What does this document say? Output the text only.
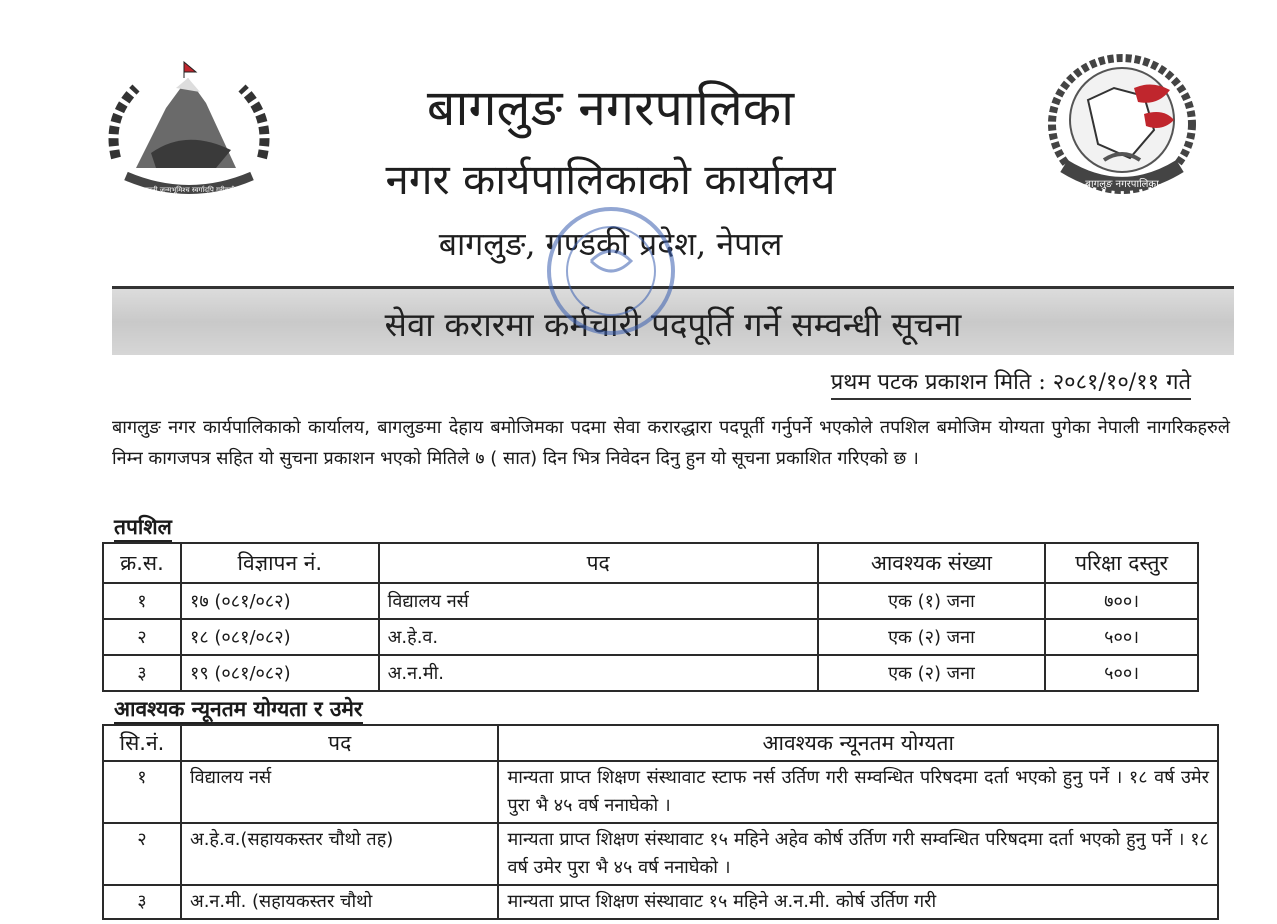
जननी जन्मभूमिश्च स्वर्गादपि गरीयसी	बागलुङ नगरपालिका
बागलुङ नगरपालिका
नगर कार्यपालिकाको कार्यालय
बागलुङ, गण्डकी प्रदेश, नेपाल
सेवा करारमा कर्मचारी पदपूर्ति गर्ने सम्वन्धी सूचना
प्रथम पटक प्रकाशन मिति : २०८१/१०/११ गते
बागलुङ नगर कार्यपालिकाको कार्यालय, बागलुङमा देहाय बमोजिमका पदमा सेवा करारद्धारा पदपूर्ती गर्नुपर्ने भएकोले तपशिल बमोजिम योग्यता पुगेका नेपाली नागरिकहरुले निम्न कागजपत्र सहित यो सुचना प्रकाशन भएको मितिले ७ ( सात) दिन भित्र निवेदन दिनु हुन यो सूचना प्रकाशित गरिएको छ ।
तपशिल
क्र.स.	विज्ञापन नं.	पद	आवश्यक संख्या	परिक्षा दस्तुर
१	१७ (०८१/०८२)	विद्यालय नर्स	एक (१) जना	७००।
२	१८ (०८१/०८२)	अ.हे.व.	एक (२) जना	५००।
३	१९ (०८१/०८२)	अ.न.मी.	एक (२) जना	५००।
आवश्यक न्यूनतम योग्यता र उमेर
सि.नं.	पद	आवश्यक न्यूनतम योग्यता
१	विद्यालय नर्स	मान्यता प्राप्त शिक्षण संस्थावाट स्टाफ नर्स उर्तिण गरी सम्वन्धित परिषदमा दर्ता भएको हुनु पर्ने । १८ वर्ष उमेर पुरा भै ४५ वर्ष ननाघेको ।
२	अ.हे.व.(सहायकस्तर चौथो तह)	मान्यता प्राप्त शिक्षण संस्थावाट १५ महिने अहेव कोर्ष उर्तिण गरी सम्वन्धित परिषदमा दर्ता भएको हुनु पर्ने । १८ वर्ष उमेर पुरा भै ४५ वर्ष ननाघेको ।
३	अ.न.मी. (सहायकस्तर चौथो	मान्यता प्राप्त शिक्षण संस्थावाट १५ महिने अ.न.मी. कोर्ष उर्तिण गरी
